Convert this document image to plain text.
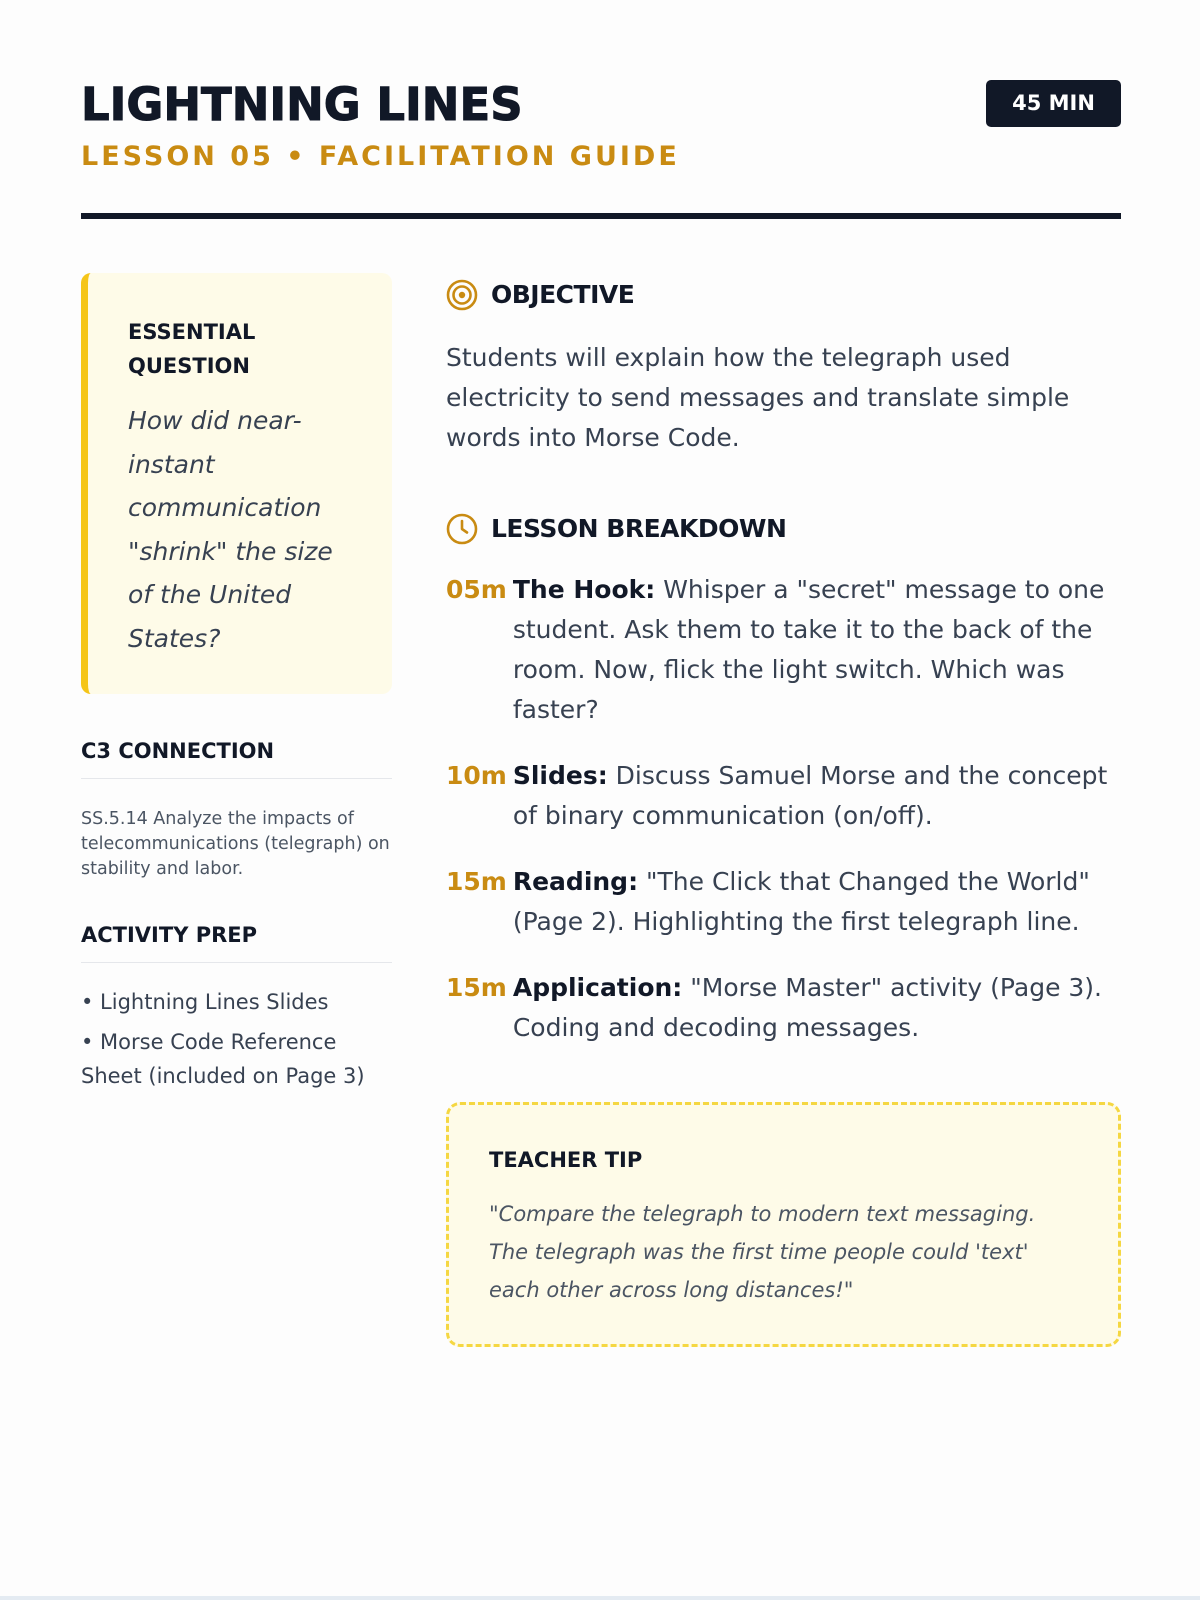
LIGHTNING LINES
LESSON 05 • FACILITATION GUIDE
45 MIN
ESSENTIAL QUESTION
How did near-instant communication "shrink" the size of the United States?
C3 CONNECTION
SS.5.14 Analyze the impacts of telecommunications (telegraph) on stability and labor.
ACTIVITY PREP
• Lightning Lines Slides
• Morse Code Reference Sheet (included on Page 3)
OBJECTIVE
Students will explain how the telegraph used electricity to send messages and translate simple words into Morse Code.
LESSON BREAKDOWN
05m The Hook: Whisper a "secret" message to one student. Ask them to take it to the back of the room. Now, flick the light switch. Which was faster?
10m Slides: Discuss Samuel Morse and the concept of binary communication (on/off).
15m Reading: "The Click that Changed the World" (Page 2). Highlighting the first telegraph line.
15m Application: "Morse Master" activity (Page 3). Coding and decoding messages.
TEACHER TIP
"Compare the telegraph to modern text messaging. The telegraph was the first time people could 'text' each other across long distances!"
